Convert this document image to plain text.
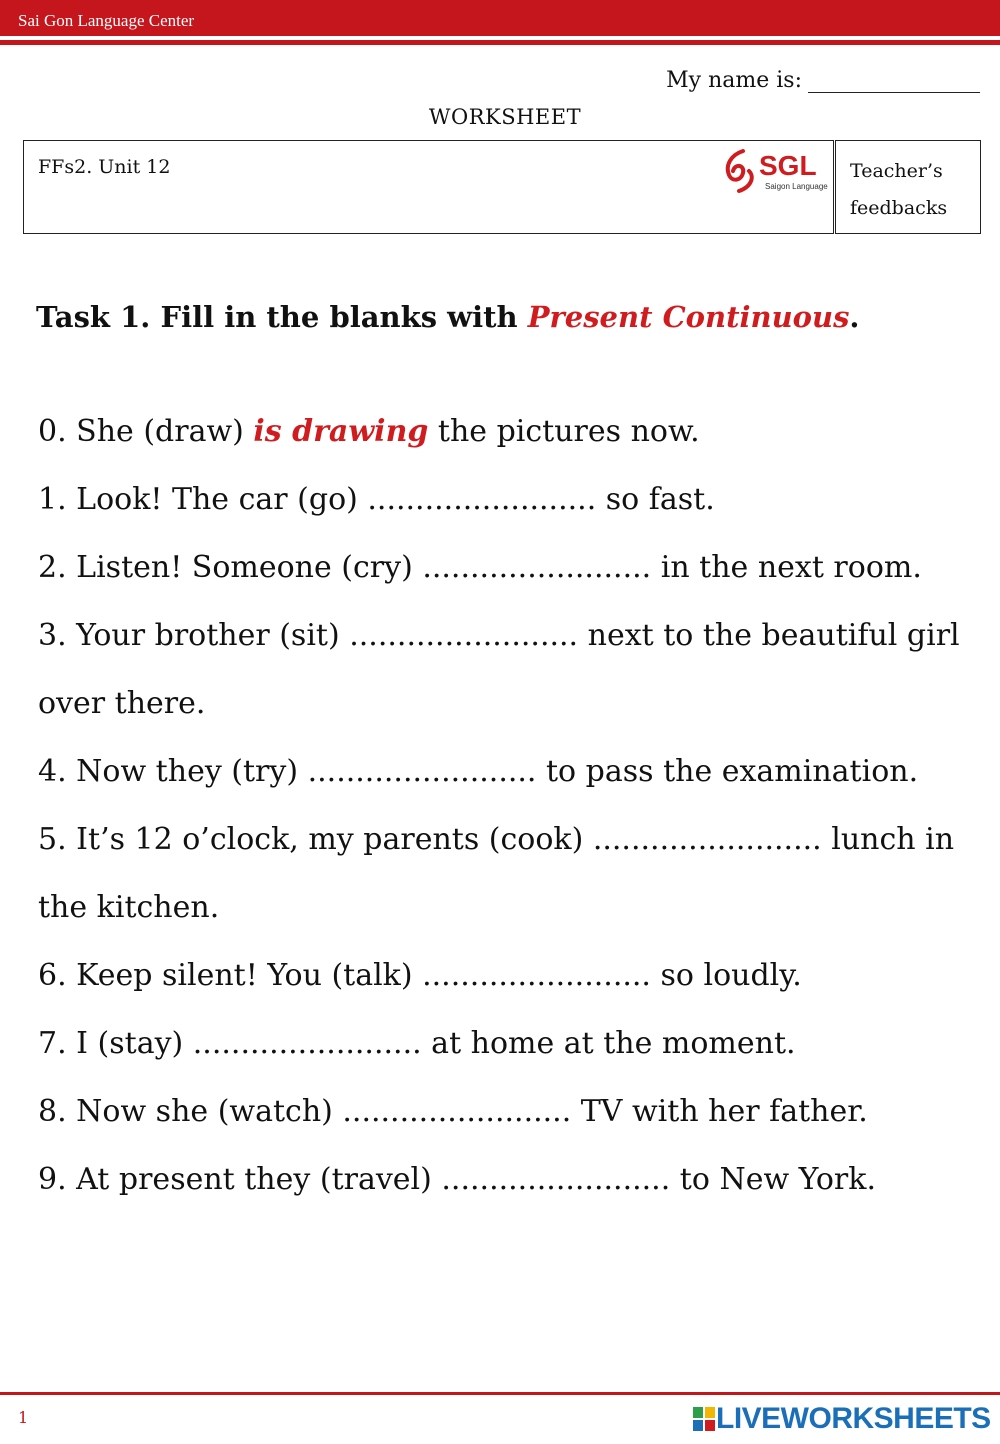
Sai Gon Language Center
My name is:
WORKSHEET
FFs2. Unit 12	SGL
Saigon Language
Teacher’s
feedbacks
Task 1. Fill in the blanks with Present Continuous.

0. She (draw) is drawing the pictures now.

1. Look! The car (go) ........................ so fast.

2. Listen! Someone (cry) ........................ in the next room.

3. Your brother (sit) ........................ next to the beautiful girl over there.

4. Now they (try) ........................ to pass the examination.

5. It’s 12 o’clock, my parents (cook) ........................ lunch in the kitchen.

6. Keep silent! You (talk) ........................ so loudly.

7. I (stay) ........................ at home at the moment.

8. Now she (watch) ........................ TV with her father.

9. At present they (travel) ........................ to New York.

1	LIVEWORKSHEETS
